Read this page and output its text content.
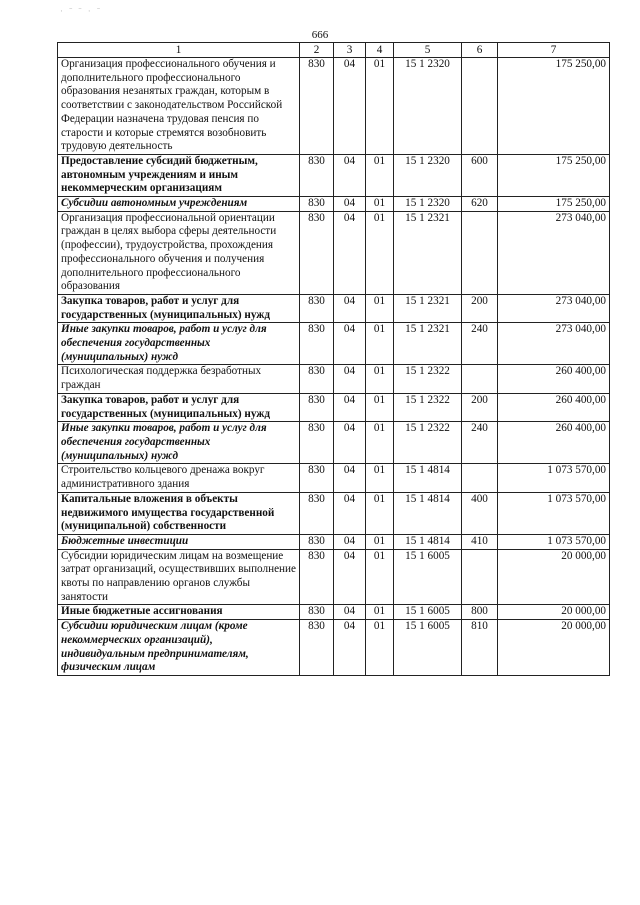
666
· ˉ ˉ · ˉ
1	2	3	4	5	6	7
Организация профессионального обучения и дополнительного профессионального образования незанятых граждан, которым в соответствии с законодательством Российской Федерации назначена трудовая пенсия по старости и которые стремятся возобновить трудовую деятельность	830	04	01	15 1 2320		175 250,00
Предоставление субсидий бюджетным, автономным учреждениям и иным некоммерческим организациям	830	04	01	15 1 2320	600	175 250,00
Субсидии автономным учреждениям	830	04	01	15 1 2320	620	175 250,00
Организация профессиональной ориентации граждан в целях выбора сферы деятельности (профессии), трудоустройства, прохождения профессионального обучения и получения дополнительного профессионального образования	830	04	01	15 1 2321		273 040,00
Закупка товаров, работ и услуг для государственных (муниципальных) нужд	830	04	01	15 1 2321	200	273 040,00
Иные закупки товаров, работ и услуг для обеспечения государственных (муниципальных) нужд	830	04	01	15 1 2321	240	273 040,00
Психологическая поддержка безработных граждан	830	04	01	15 1 2322		260 400,00
Закупка товаров, работ и услуг для государственных (муниципальных) нужд	830	04	01	15 1 2322	200	260 400,00
Иные закупки товаров, работ и услуг для обеспечения государственных (муниципальных) нужд	830	04	01	15 1 2322	240	260 400,00
Строительство кольцевого дренажа вокруг административного здания	830	04	01	15 1 4814		1 073 570,00
Капитальные вложения в объекты недвижимого имущества государственной (муниципальной) собственности	830	04	01	15 1 4814	400	1 073 570,00
Бюджетные инвестиции	830	04	01	15 1 4814	410	1 073 570,00
Субсидии юридическим лицам на возмещение затрат организаций, осуществивших выполнение квоты по направлению органов службы занятости	830	04	01	15 1 6005		20 000,00
Иные бюджетные ассигнования	830	04	01	15 1 6005	800	20 000,00
Субсидии юридическим лицам (кроме некоммерческих организаций), индивидуальным предпринимателям, физическим лицам	830	04	01	15 1 6005	810	20 000,00
